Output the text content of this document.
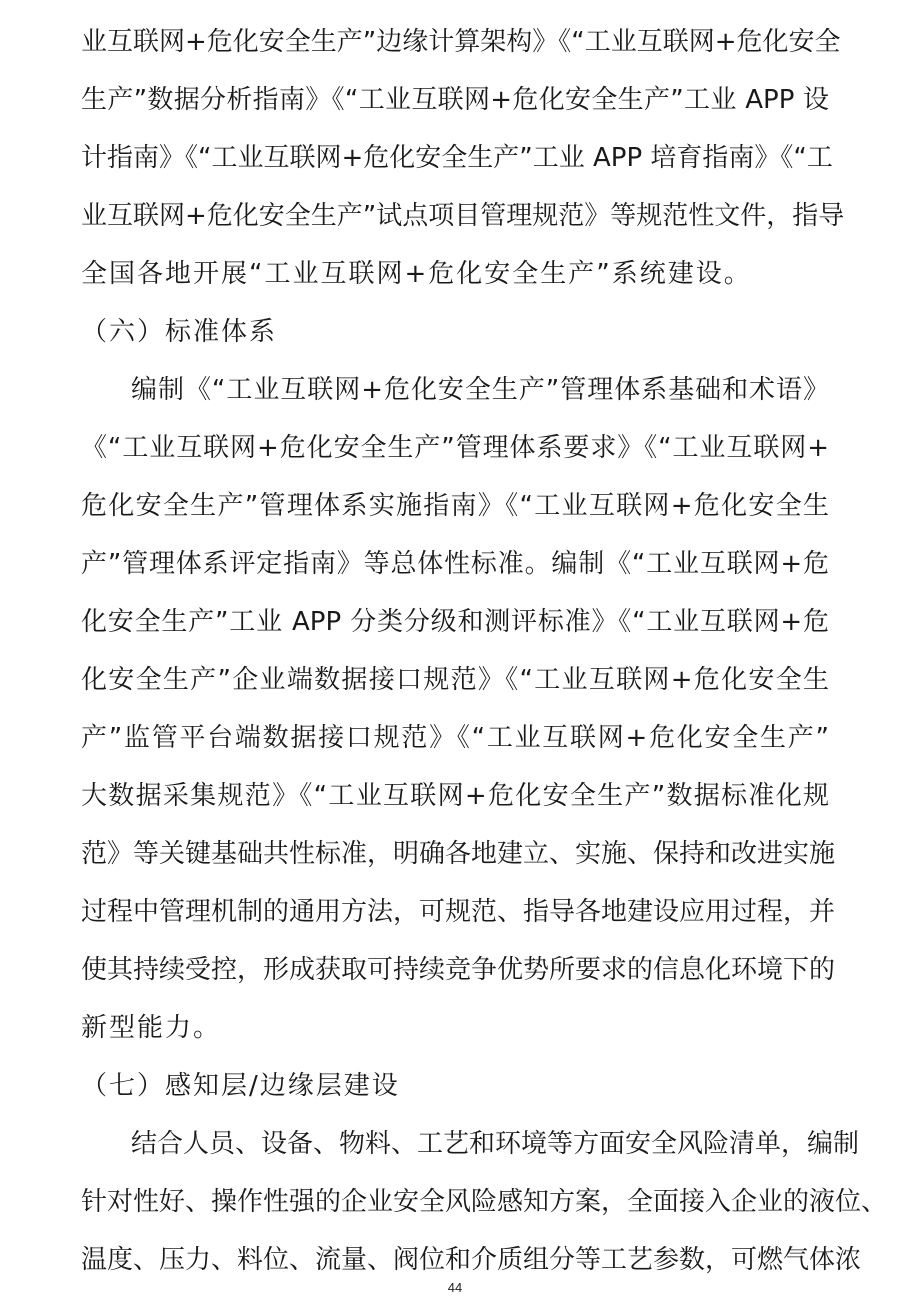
业互联网+危化安全生产”边缘计算架构》《“工业互联网+危化安全
生产”数据分析指南》《“工业互联网+危化安全生产”工业 APP 设
计指南》《“工业互联网+危化安全生产”工业 APP 培育指南》《“工
业互联网+危化安全生产”试点项目管理规范》等规范性文件，指导
全国各地开展“工业互联网+危化安全生产”系统建设。
（六）标准体系
编制《“工业互联网+危化安全生产”管理体系基础和术语》
《“工业互联网+危化安全生产”管理体系要求》《“工业互联网+
危化安全生产”管理体系实施指南》《“工业互联网+危化安全生
产”管理体系评定指南》等总体性标准。编制《“工业互联网+危
化安全生产”工业 APP 分类分级和测评标准》《“工业互联网+危
化安全生产”企业端数据接口规范》《“工业互联网+危化安全生
产”监管平台端数据接口规范》《“工业互联网+危化安全生产”
大数据采集规范》《“工业互联网+危化安全生产”数据标准化规
范》等关键基础共性标准，明确各地建立、实施、保持和改进实施
过程中管理机制的通用方法，可规范、指导各地建设应用过程，并
使其持续受控，形成获取可持续竞争优势所要求的信息化环境下的
新型能力。
（七）感知层/边缘层建设
结合人员、设备、物料、工艺和环境等方面安全风险清单，编制
针对性好、操作性强的企业安全风险感知方案，全面接入企业的液位、
温度、压力、料位、流量、阀位和介质组分等工艺参数，可燃气体浓
44
